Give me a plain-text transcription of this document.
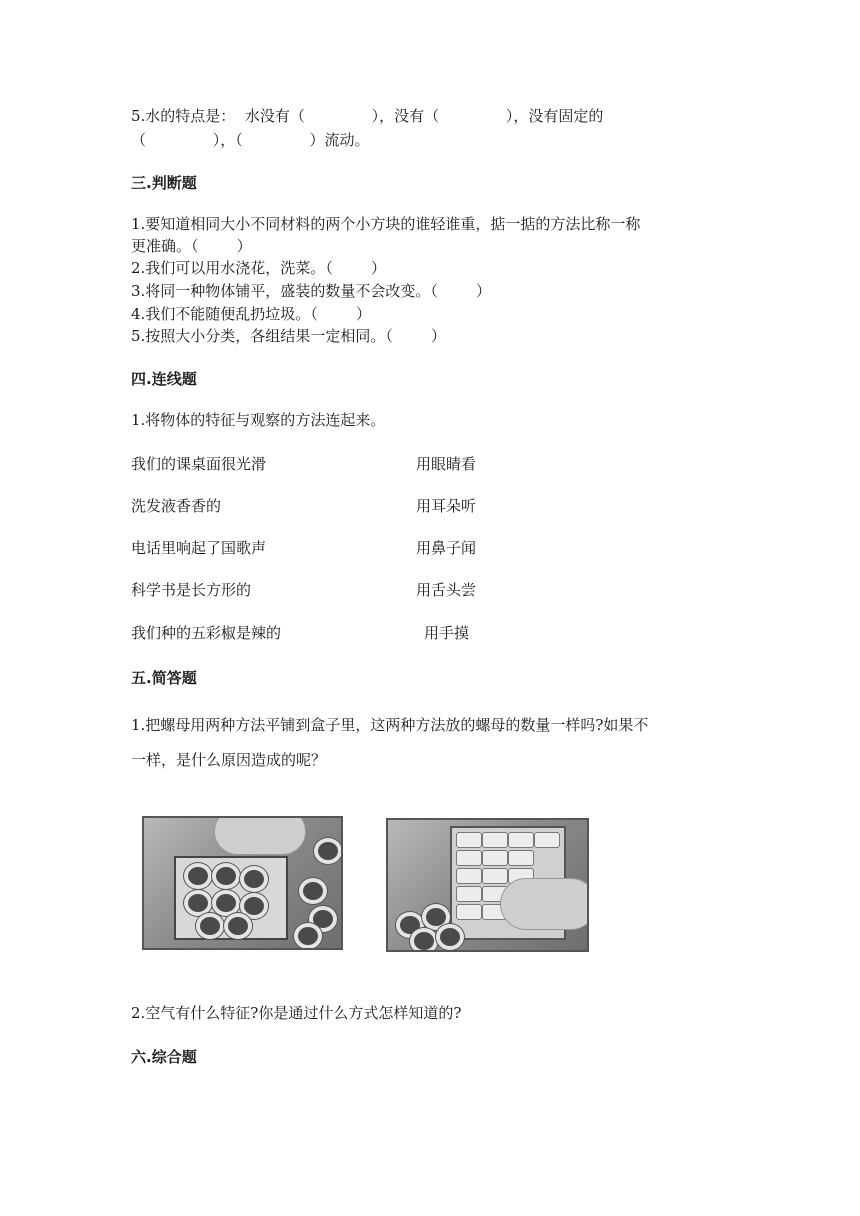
5.水的特点是：  水没有（              ），没有（              ），没有固定的
（              ），（              ）流动。
三.判断题
1.要知道相同大小不同材料的两个小方块的谁轻谁重，掂一掂的方法比称一称
更准确。（        ）
2.我们可以用水浇花，洗菜。（        ）
3.将同一种物体铺平，盛装的数量不会改变。（        ）
4.我们不能随便乱扔垃圾。（        ）
5.按照大小分类，各组结果一定相同。（        ）
四.连线题
1.将物体的特征与观察的方法连起来。
我们的课桌面很光滑
洗发液香香的
电话里响起了国歌声
科学书是长方形的
我们种的五彩椒是辣的
用眼睛看
用耳朵听
用鼻子闻
用舌头尝
用手摸
五.简答题
1.把螺母用两种方法平铺到盒子里，这两种方法放的螺母的数量一样吗?如果不
一样，是什么原因造成的呢？
2.空气有什么特征?你是通过什么方式怎样知道的?
六.综合题
